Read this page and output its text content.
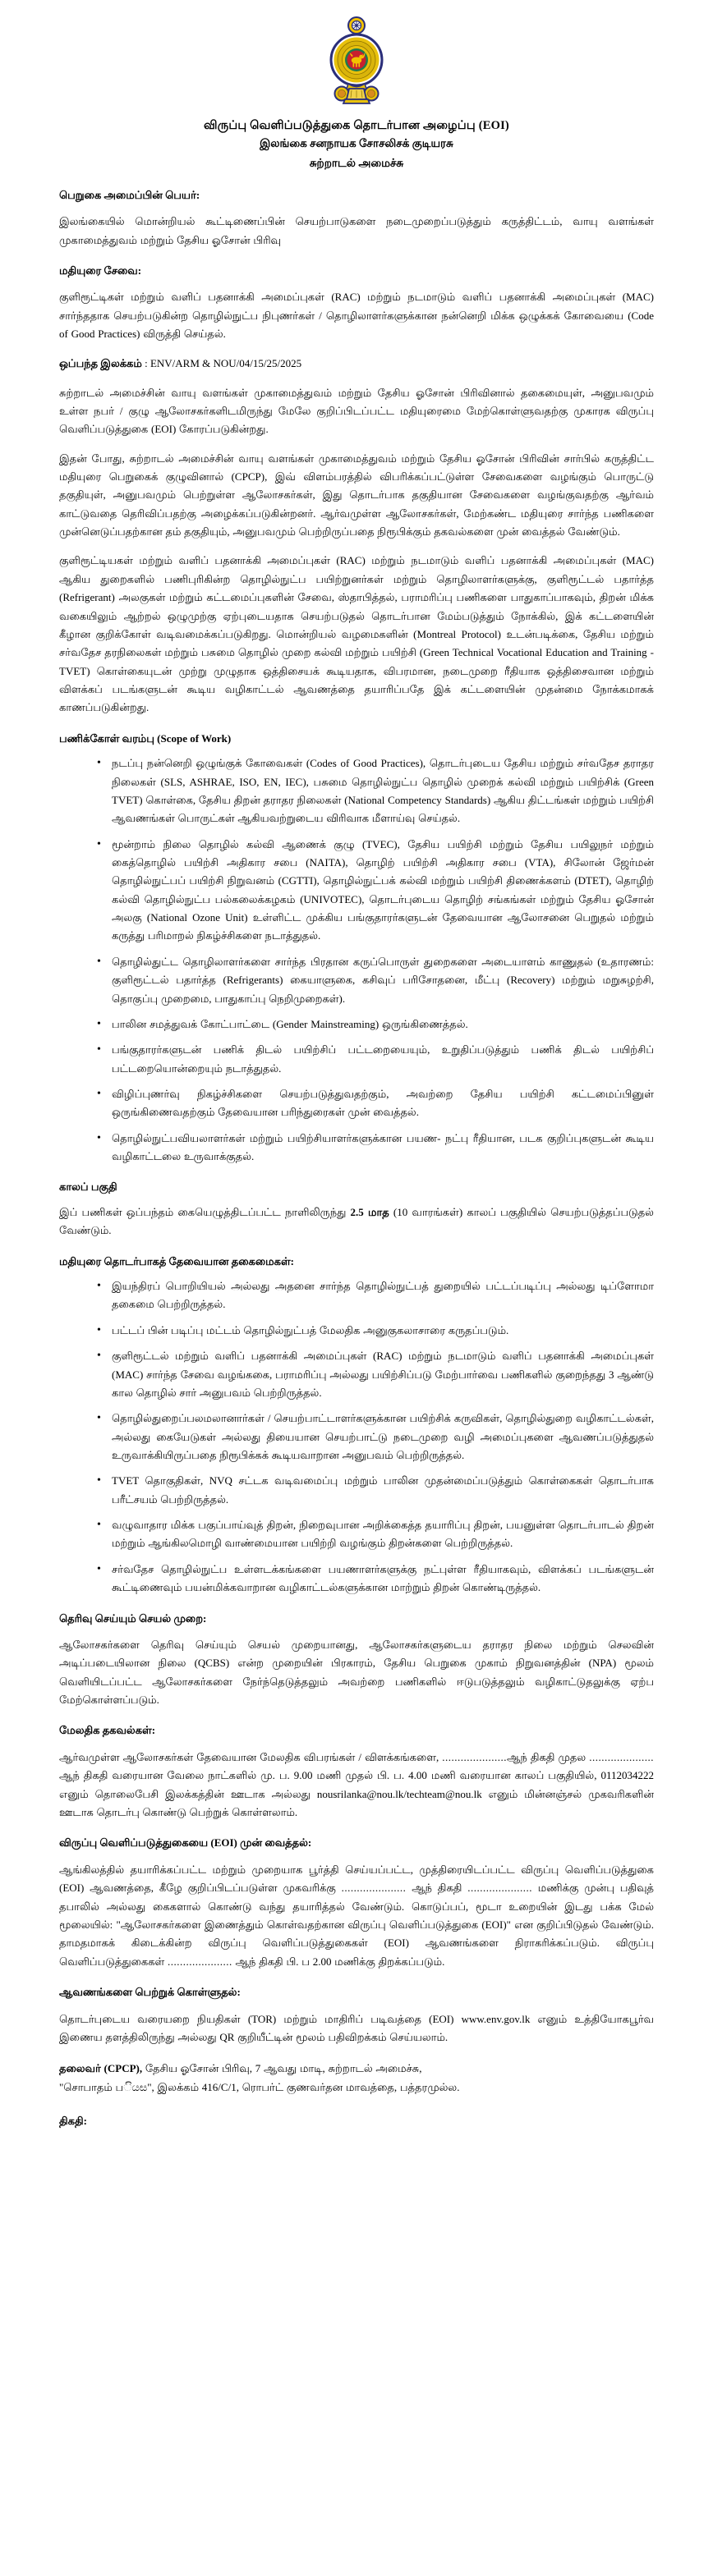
விருப்பு வெளிப்படுத்துகை தொடர்பான அழைப்பு (EOI)
இலங்கை சனநாயக சோசலிசக் குடியரசு
சுற்றாடல் அமைச்சு
பெறுகை அமைப்பின் பெயர்:

இலங்கையில் மொன்றியல் கூட்டிணைப்பின் செயற்பாடுகளை நடைமுறைப்படுத்தும் கருத்திட்டம், வாயு வளங்கள் முகாமைத்துவம் மற்றும் தேசிய ஓசோன் பிரிவு

மதியுரை சேவை:

குளிரூட்டிகள் மற்றும் வளிப் பதனாக்கி அமைப்புகள் (RAC) மற்றும் நடமாடும் வளிப் பதனாக்கி அமைப்புகள் (MAC) சார்ந்ததாக செயற்படுகின்ற தொழில்நுட்ப நிபுணர்கள் / தொழிலாளர்களுக்கான நன்னெறி மிக்க ஒழுக்கக் கோவையை (Code of Good Practices) விருத்தி செய்தல்.

ஒப்பந்த இலக்கம் : ENV/ARM & NOU/04/15/25/2025

சுற்றாடல் அமைச்சின் வாயு வளங்கள் முகாமைத்துவம் மற்றும் தேசிய ஓசோன் பிரிவினால் தகைமையுள், அனுபவமும் உள்ள நபர் / குழு ஆலோசகர்களிடமிருந்து மேலே குறிப்பிடப்பட்ட மதியுரைமை மேற்கொள்ளுவதற்கு முகாரக விருப்பு வெளிப்படுத்துகை (EOI) கோரப்படுகின்றது.

இதன் போது, சுற்றாடல் அமைச்சின் வாயு வளங்கள் முகாமைத்துவம் மற்றும் தேசிய ஓசோன் பிரிவின் சார்பில் கருத்திட்ட மதியுரை பெறுகைக் குழுவினால் (CPCP), இவ் விளம்பரத்தில் விபரிக்கப்பட்டுள்ள சேவைகளை வழங்கும் பொருட்டு தகுதியுள், அனுபவமும் பெற்றுள்ள ஆலோசகர்கள், இது தொடர்பாக தகுதியான சேவைகளை வழங்குவதற்கு ஆர்வம் காட்டுவதை தெரிவிப்பதற்கு அழைக்கப்படுகின்றனர். ஆர்வமுள்ள ஆலோசகர்கள், மேற்கண்ட மதியுரை சார்ந்த பணிகளை முன்னெடுப்பதற்கான தம் தகுதியும், அனுபவமும் பெற்றிருப்பதை நிரூபிக்கும் தகவல்களை முன் வைத்தல் வேண்டும்.

குளிரூட்டியகள் மற்றும் வளிப் பதனாக்கி அமைப்புகள் (RAC) மற்றும் நடமாடும் வளிப் பதனாக்கி அமைப்புகள் (MAC) ஆகிய துறைகளில் பணிபுரிகின்ற தொழில்நுட்ப பயிற்றுனர்கள் மற்றும் தொழிலாளர்களுக்கு, குளிரூட்டல் பதார்த்த (Refrigerant) அலகுகள் மற்றும் கட்டமைப்புகளின் சேவை, ஸ்தாபித்தல், பராமரிப்பு பணிகளை பாதுகாப்பாகவும், திறன் மிக்க வகையிலும் ஆற்றல் ஒழுமுற்கு ஏற்புடையதாக செயற்படுதல் தொடர்பான மேம்படுத்தும் நோக்கில், இக் கட்டளையின் கீழான குறிக்கோள் வடிவமைக்கப்படுகிறது. மொன்றியல் வழமைகளின் (Montreal Protocol) உடன்படிக்கை, தேசிய மற்றும் சர்வதேச தரநிலைகள் மற்றும் பசுமை தொழில் முறை கல்வி மற்றும் பயிற்சி (Green Technical Vocational Education and Training - TVET) கொள்கையுடன் முற்று முழுதாக ஒத்திசையக் கூடியதாக, விபரமான, நடைமுறை ரீதியாக ஒத்திசைவான மற்றும் விளக்கப் படங்களுடன் கூடிய வழிகாட்டல் ஆவணத்தை தயாரிப்பதே இக் கட்டளையின் முதன்மை நோக்கமாகக் காணப்படுகின்றது.

பணிக்கோள் வரம்பு (Scope of Work)
• நடப்பு நன்னெறி ஒழுங்குக் கோவைகள் (Codes of Good Practices), தொடர்புடைய தேசிய மற்றும் சர்வதேச தராதர நிலைகள் (SLS, ASHRAE, ISO, EN, IEC), பசுமை தொழில்நுட்ப தொழில் முறைக் கல்வி மற்றும் பயிற்சிக் (Green TVET) கொள்கை, தேசிய திறன் தராதர நிலைகள் (National Competency Standards) ஆகிய திட்டங்கள் மற்றும் பயிற்சி ஆவணங்கள் பொருட்கள் ஆகியவற்றுடைய விரிவாக மீளாய்வு செய்தல்.
• மூன்றாம் நிலை தொழில் கல்வி ஆணைக் குழு (TVEC), தேசிய பயிற்சி மற்றும் தேசிய பயிலுநர் மற்றும் கைத்தொழில் பயிற்சி அதிகார சபை (NAITA), தொழிற் பயிற்சி அதிகார சபை (VTA), சிலோன் ஜேர்மன் தொழில்நுட்பப் பயிற்சி நிறுவனம் (CGTTI), தொழில்நுட்பக் கல்வி மற்றும் பயிற்சி திணைக்களம் (DTET), தொழிற் கல்வி தொழில்நுட்ப பல்கலைக்கழகம் (UNIVOTEC), தொடர்புடைய தொழிற் சங்கங்கள் மற்றும் தேசிய ஓசோன் அலகு (National Ozone Unit) உள்ளிட்ட முக்கிய பங்குதாரர்களுடன் தேவையான ஆலோசனை பெறுதல் மற்றும் கருத்து பரிமாறல் நிகழ்ச்சிகளை நடாத்துதல்.
• தொழில்துட்ட தொழிலாளர்களை சார்ந்த பிரதான கருப்பொருள் துறைகளை அடையாளம் காணுதல் (உதாரணம்: குளிரூட்டல் பதார்த்த (Refrigerants) கையாளுகை, கசிவுப் பரிசோதனை, மீட்பு (Recovery) மற்றும் மறுசுழற்சி, தொகுப்பு முறைமை, பாதுகாப்பு நெறிமுறைகள்).
• பாலின சமத்துவக் கோட்பாட்டை (Gender Mainstreaming) ஒருங்கிணைத்தல்.
• பங்குதாரர்களுடன் பணிக் திடல் பயிற்சிப் பட்டறையையும், உறுதிப்படுத்தும் பணிக் திடல் பயிற்சிப் பட்டறையொன்றையும் நடாத்துதல்.
• விழிப்புணர்வு நிகழ்ச்சிகளை செயற்படுத்துவதற்கும், அவற்றை தேசிய பயிற்சி கட்டமைப்பினுள் ஒருங்கிணைவதற்கும் தேவையான பரிந்துரைகள் முன் வைத்தல்.
• தொழில்நுட்பவியலாளர்கள் மற்றும் பயிற்சியாளர்களுக்கான பயண- நட்பு ரீதியான, படக குறிப்புகளுடன் கூடிய வழிகாட்டலை உருவாக்குதல்.
காலப் பகுதி

இப் பணிகள் ஒப்பந்தம் கையெழுத்திடப்பட்ட நாளிலிருந்து 2.5 மாத (10 வாரங்கள்) காலப் பகுதியில் செயற்படுத்தப்படுதல் வேண்டும்.

மதியுரை தொடர்பாகத் தேவையான தகைமைகள்:
• இயந்திரப் பொறியியல் அல்லது அதனை சார்ந்த தொழில்நுட்பத் துறையில் பட்டப்படிப்பு அல்லது டிப்ளோமா தகைமை பெற்றிருத்தல்.
• பட்டப் பின் படிப்பு மட்டம் தொழில்நுட்பத் மேலதிக அனுகுகலாசாரை கருதப்படும்.
• குளிரூட்டல் மற்றும் வளிப் பதனாக்கி அமைப்புகள் (RAC) மற்றும் நடமாடும் வளிப் பதனாக்கி அமைப்புகள் (MAC) சார்ந்த சேவை வழங்ககை, பராமரிப்பு அல்லது பயிற்சிப்படு மேற்பார்வை பணிகளில் குறைந்தது 3 ஆண்டு கால தொழில் சார் அனுபவம் பெற்றிருத்தல்.
• தொழில்துறைப்பலமலானார்கள் / செயற்பாட்டாளர்களுக்கான பயிற்சிக் கருவிகள், தொழில்துறை வழிகாட்டல்கள், அல்லது கையேடுகள் அல்லது தியையான செயற்பாட்டு நடைமுறை வழி அமைப்புகளை ஆவணப்படுத்துதல் உருவாக்கியிருப்பதை நிரூபிக்கக் கூடியவாறான அனுபவம் பெற்றிருத்தல்.
• TVET தொகுதிகள், NVQ சட்டக வடிவமைப்பு மற்றும் பாலின முதன்மைப்படுத்தும் கொள்கைகள் தொடர்பாக பரீட்சயம் பெற்றிருத்தல்.
• வழுவாதார மிக்க பகுப்பாய்வுத் திறன், நிறைவுபான அறிக்கைத்த தயாரிப்பு திறன், பயனுள்ள தொடர்பாடல் திறன் மற்றும் ஆங்கிலமொழி வாண்மையான பயிற்றி வழங்கும் திறன்களை பெற்றிருத்தல்.
• சர்வதேச தொழில்நுட்ப உள்ளடக்கங்களை பயணாளர்களுக்கு நட்புள்ள ரீதியாகவும், விளக்கப் படங்களுடன் கூட்டிணைவும் பயன்மிக்கவாறான வழிகாட்டல்களுக்கான மாற்றும் திறன் கொண்டிருத்தல்.
தெரிவு செய்யும் செயல் முறை:

ஆலோசகர்களை தெரிவு செய்யும் செயல் முறையானது, ஆலோசகர்களுடைய தராதர நிலை மற்றும் செலவின் அடிப்படையிலான நிலை (QCBS) என்ற முறையின் பிரகாரம், தேசிய பெறுகை முகாம் நிறுவனத்தின் (NPA) மூலம் வெளியிடப்பட்ட ஆலோசகர்களை நேர்ந்தெடுத்தலும் அவற்றை பணிகளில் ஈடுபடுத்தலும் வழிகாட்டுதலுக்கு ஏற்ப மேற்கொள்ளப்படும்.

மேலதிக தகவல்கள்:

ஆர்வமுள்ள ஆலோசகர்கள் தேவையான மேலதிக விபரங்கள் / விளக்கங்களை, .....................ஆந் திகதி முதல ..................... ஆந் திகதி வரையான வேலை நாட்களில் மு. ப. 9.00 மணி முதல் பி. ப. 4.00 மணி வரையான காலப் பகுதியில், 0112034222 எனும் தொலைபேசி இலக்கத்தின் ஊடாக அல்லது nousrilanka@nou.lk/techteam@nou.lk எனும் மின்னஞ்சல் முகவரிகளின் ஊடாக தொடர்பு கொண்டு பெற்றுக் கொள்ளலாம்.

விருப்பு வெளிப்படுத்துகையை (EOI) முன் வைத்தல்:

ஆங்கிலத்தில் தயாரிக்கப்பட்ட மற்றும் முறையாக பூர்த்தி செய்யப்பட்ட, முத்திரையிடப்பட்ட விருப்பு வெளிப்படுத்துகை (EOI) ஆவணத்தை, கீழே குறிப்பிடப்படுள்ள முகவரிக்கு ..................... ஆந் திகதி ..................... மணிக்கு முன்பு பதிவுத் தபாலில் அல்லது கைகளால் கொண்டு வந்து தயாரித்தல் வேண்டும். கொடுப்பப், மூடா உறையின் இடது பக்க மேல் மூலையில்: "ஆலோசகர்களை இணைத்தும் கொள்வதற்கான விருப்பு வெளிப்படுத்துகை (EOI)" என குறிப்பிடுதல் வேண்டும். தாமதமாகக் கிடைக்கின்ற விருப்பு வெளிப்படுத்துகைகள் (EOI) ஆவணங்களை நிராகரிக்கப்படும். விருப்பு வெளிப்படுத்துகைகள் ..................... ஆந் திகதி பி. ப 2.00 மணிக்கு திறக்கப்படும்.

ஆவணங்களை பெற்றுக் கொள்ளுதல்:

தொடர்புடைய வரையறை நியதிகள் (TOR) மற்றும் மாதிரிப் படிவத்தை (EOI) www.env.gov.lk எனும் உத்தியோகபூர்வ இணைய தளத்திலிருந்து அல்லது QR குறியீட்டின் மூலம் பதிவிறக்கம் செய்யலாம்.

தலைவர் (CPCP), தேசிய ஓசோன் பிரிவு, 7 ஆவது மாடி, சுற்றாடல் அமைச்சு,

"சொபாதம் பියස", இலக்கம் 416/C/1, ரொபர்ட் குணவர்தன மாவத்தை, பத்தரமுல்ல.

திகதி:
